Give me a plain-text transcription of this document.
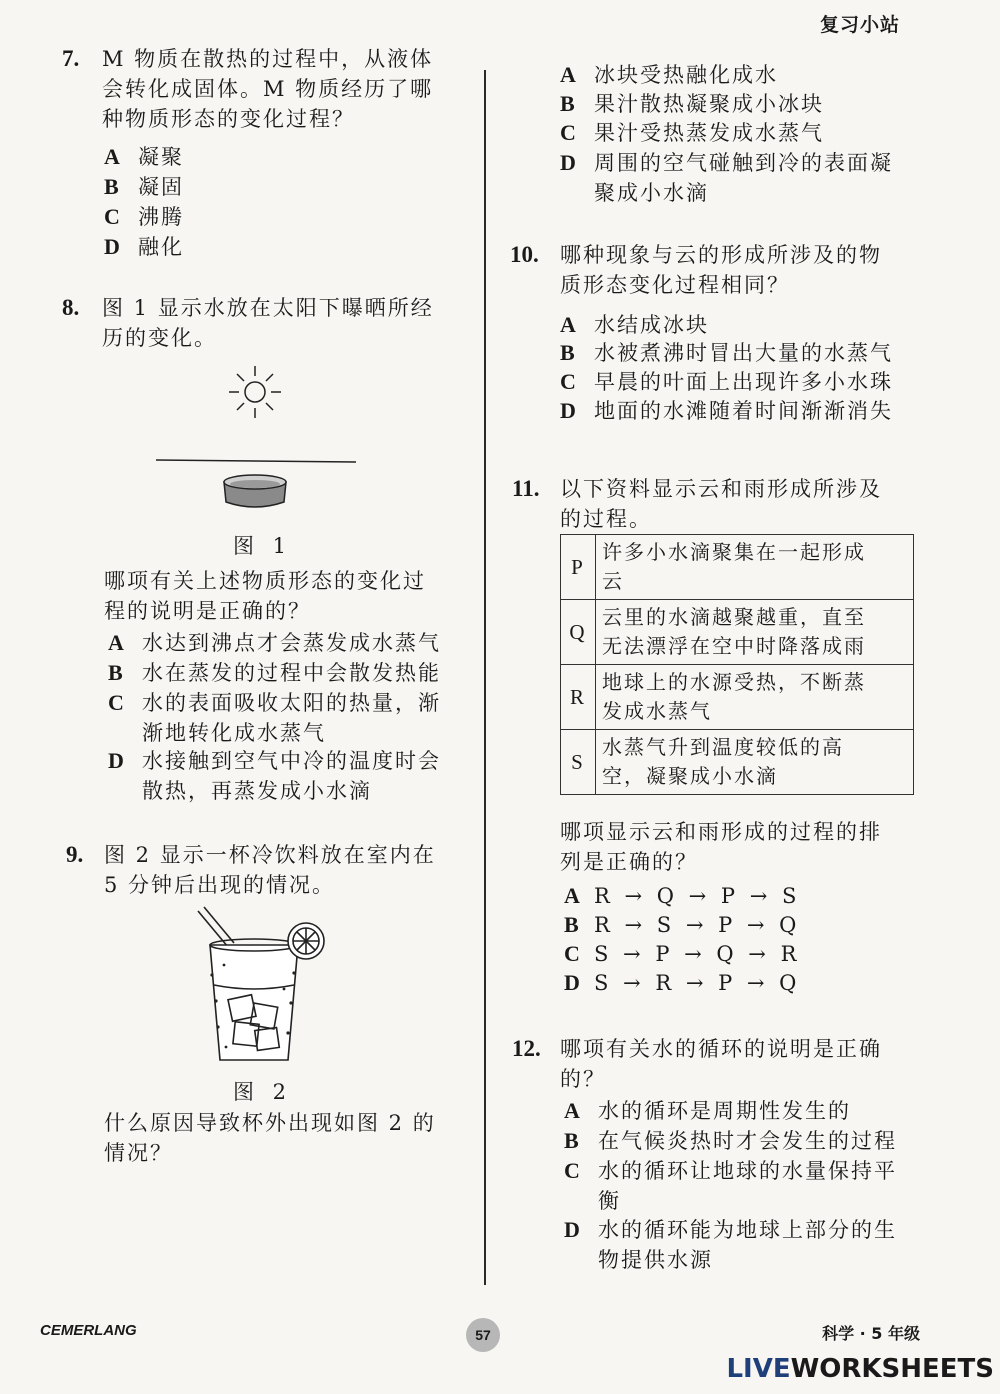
复习小站
7. M 物质在散热的过程中，从液体
会转化成固体。M 物质经历了哪
种物质形态的变化过程？
A 凝聚
B 凝固
C 沸腾
D 融化
8. 图 1 显示水放在太阳下曝晒所经
历的变化。
图 1
哪项有关上述物质形态的变化过
程的说明是正确的？
A 水达到沸点才会蒸发成水蒸气
B 水在蒸发的过程中会散发热能
C 水的表面吸收太阳的热量，渐
渐地转化成水蒸气
D 水接触到空气中冷的温度时会
散热，再蒸发成小水滴
9. 图 2 显示一杯冷饮料放在室内在
5 分钟后出现的情况。
图 2
什么原因导致杯外出现如图 2 的
情况？
A 冰块受热融化成水
B 果汁散热凝聚成小冰块
C 果汁受热蒸发成水蒸气
D 周围的空气碰触到冷的表面凝
聚成小水滴
10. 哪种现象与云的形成所涉及的物
质形态变化过程相同？
A 水结成冰块
B 水被煮沸时冒出大量的水蒸气
C 早晨的叶面上出现许多小水珠
D 地面的水滩随着时间渐渐消失
11. 以下资料显示云和雨形成所涉及
的过程。
P	许多小水滴聚集在一起形成
云

Q	云里的水滴越聚越重，直至
无法漂浮在空中时降落成雨

R	地球上的水源受热，不断蒸
发成水蒸气

S	水蒸气升到温度较低的高
空，凝聚成小水滴
哪项显示云和雨形成的过程的排
列是正确的？
A R → Q → P → S
B R → S → P → Q
C S → P → Q → R
D S → R → P → Q
12. 哪项有关水的循环的说明是正确
的？
A 水的循环是周期性发生的
B 在气候炎热时才会发生的过程
C 水的循环让地球的水量保持平
衡
D 水的循环能为地球上部分的生
物提供水源
CEMERLANG	57	科学 · 5 年级
LIVEWORKSHEETS
